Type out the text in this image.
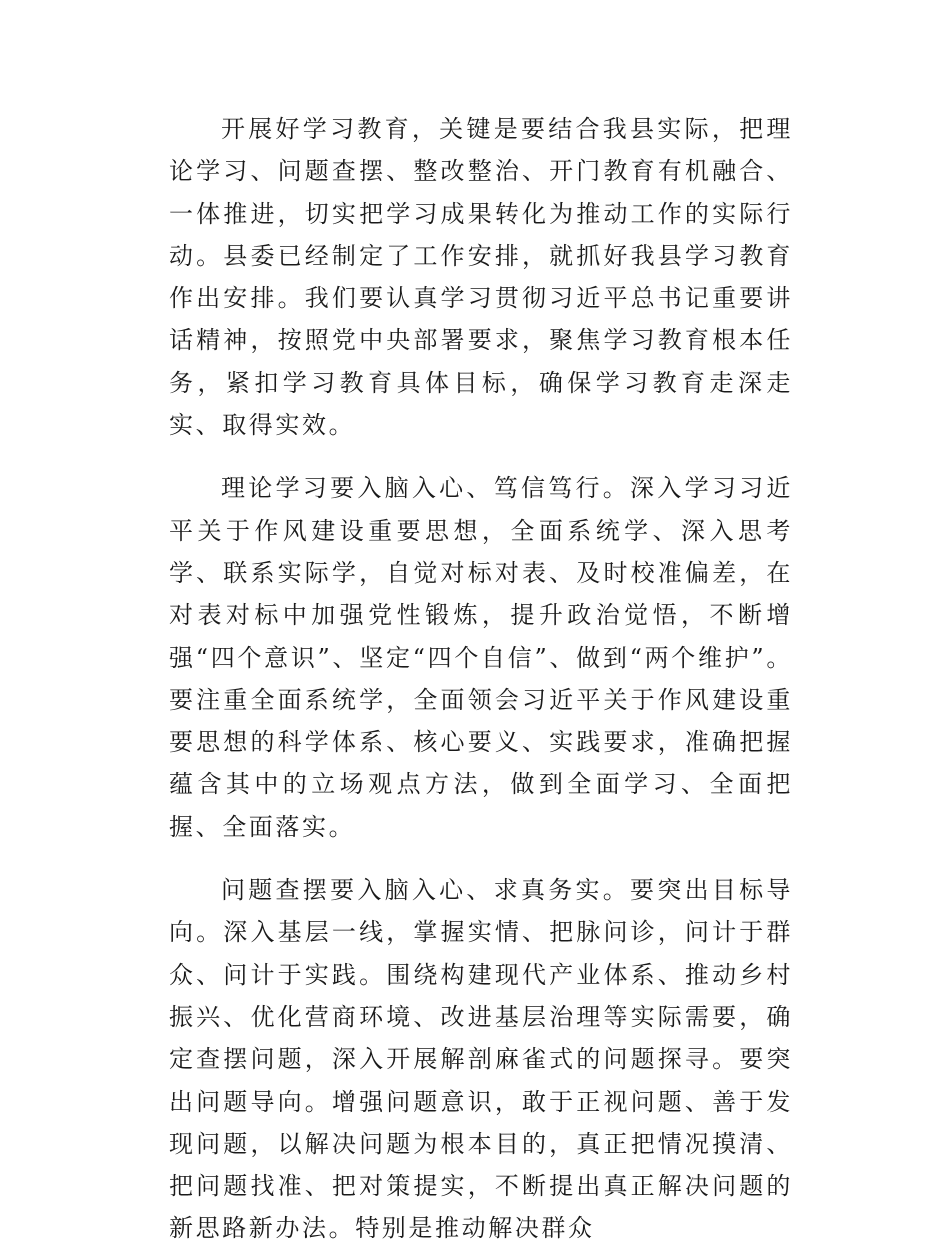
开展好学习教育，关键是要结合我县实际，把理论学习、问题查摆、整改整治、开门教育有机融合、一体推进，切实把学习成果转化为推动工作的实际行动。县委已经制定了工作安排，就抓好我县学习教育作出安排。我们要认真学习贯彻习近平总书记重要讲话精神，按照党中央部署要求，聚焦学习教育根本任务，紧扣学习教育具体目标，确保学习教育走深走实、取得实效。

理论学习要入脑入心、笃信笃行。深入学习习近平关于作风建设重要思想，全面系统学、深入思考学、联系实际学，自觉对标对表、及时校准偏差，在对表对标中加强党性锻炼，提升政治觉悟，不断增强“四个意识”、坚定“四个自信”、做到“两个维护”。要注重全面系统学，全面领会习近平关于作风建设重要思想的科学体系、核心要义、实践要求，准确把握蕴含其中的立场观点方法，做到全面学习、全面把握、全面落实。

问题查摆要入脑入心、求真务实。要突出目标导向。深入基层一线，掌握实情、把脉问诊，问计于群众、问计于实践。围绕构建现代产业体系、推动乡村振兴、优化营商环境、改进基层治理等实际需要，确定查摆问题，深入开展解剖麻雀式的问题探寻。要突出问题导向。增强问题意识，敢于正视问题、善于发现问题，以解决问题为根本目的，真正把情况摸清、把问题找准、把对策提实，不断提出真正解决问题的新思路新办法。特别是推动解决群众
